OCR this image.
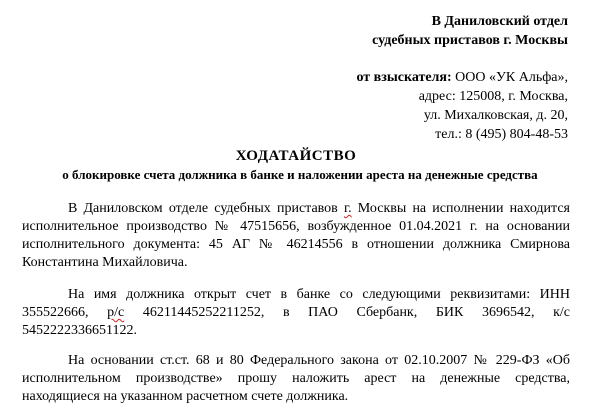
В Даниловский отдел
судебных приставов г. Москвы
от взыскателя: ООО «УК Альфа»,
адрес: 125008, г. Москва,
ул. Михалковская, д. 20,
тел.: 8 (495) 804-48-53
ХОДАТАЙСТВО
о блокировке счета должника в банке и наложении ареста на денежные средства
В Даниловском отделе судебных приставов г. Москвы на исполнении находится
исполнительное производство № 47515656, возбужденное 01.04.2021 г. на основании
исполнительного документа: 45 АГ № 46214556 в отношении должника Смирнова
Константина Михайловича.
На имя должника открыт счет в банке со следующими реквизитами: ИНН
355522666, р/с 46211445252211252, в ПАО Сбербанк, БИК 3696542, к/с
5452222336651122.
На основании ст.ст. 68 и 80 Федерального закона от 02.10.2007 № 229-ФЗ «Об
исполнительном производстве» прошу наложить арест на денежные средства,
находящиеся на указанном расчетном счете должника.
